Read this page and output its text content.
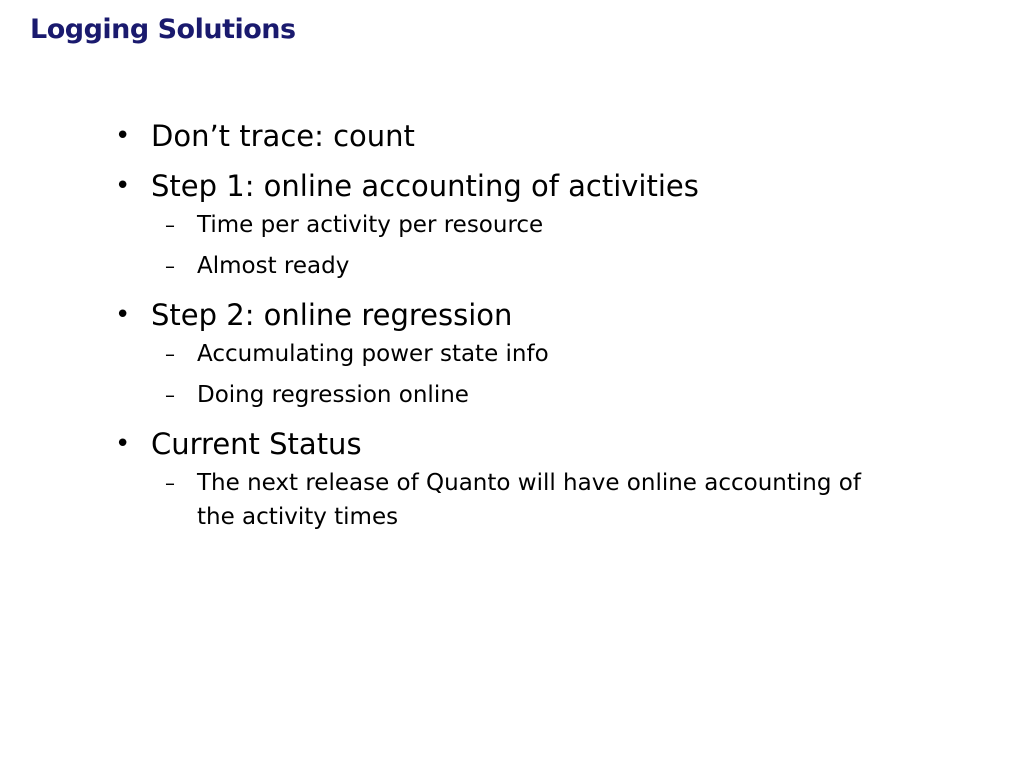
Logging Solutions
• Don’t trace: count
• Step 1: online accounting of activities
– Time per activity per resource
– Almost ready
• Step 2: online regression
– Accumulating power state info
– Doing regression online
• Current Status
– The next release of Quanto will have online accounting of the activity times
